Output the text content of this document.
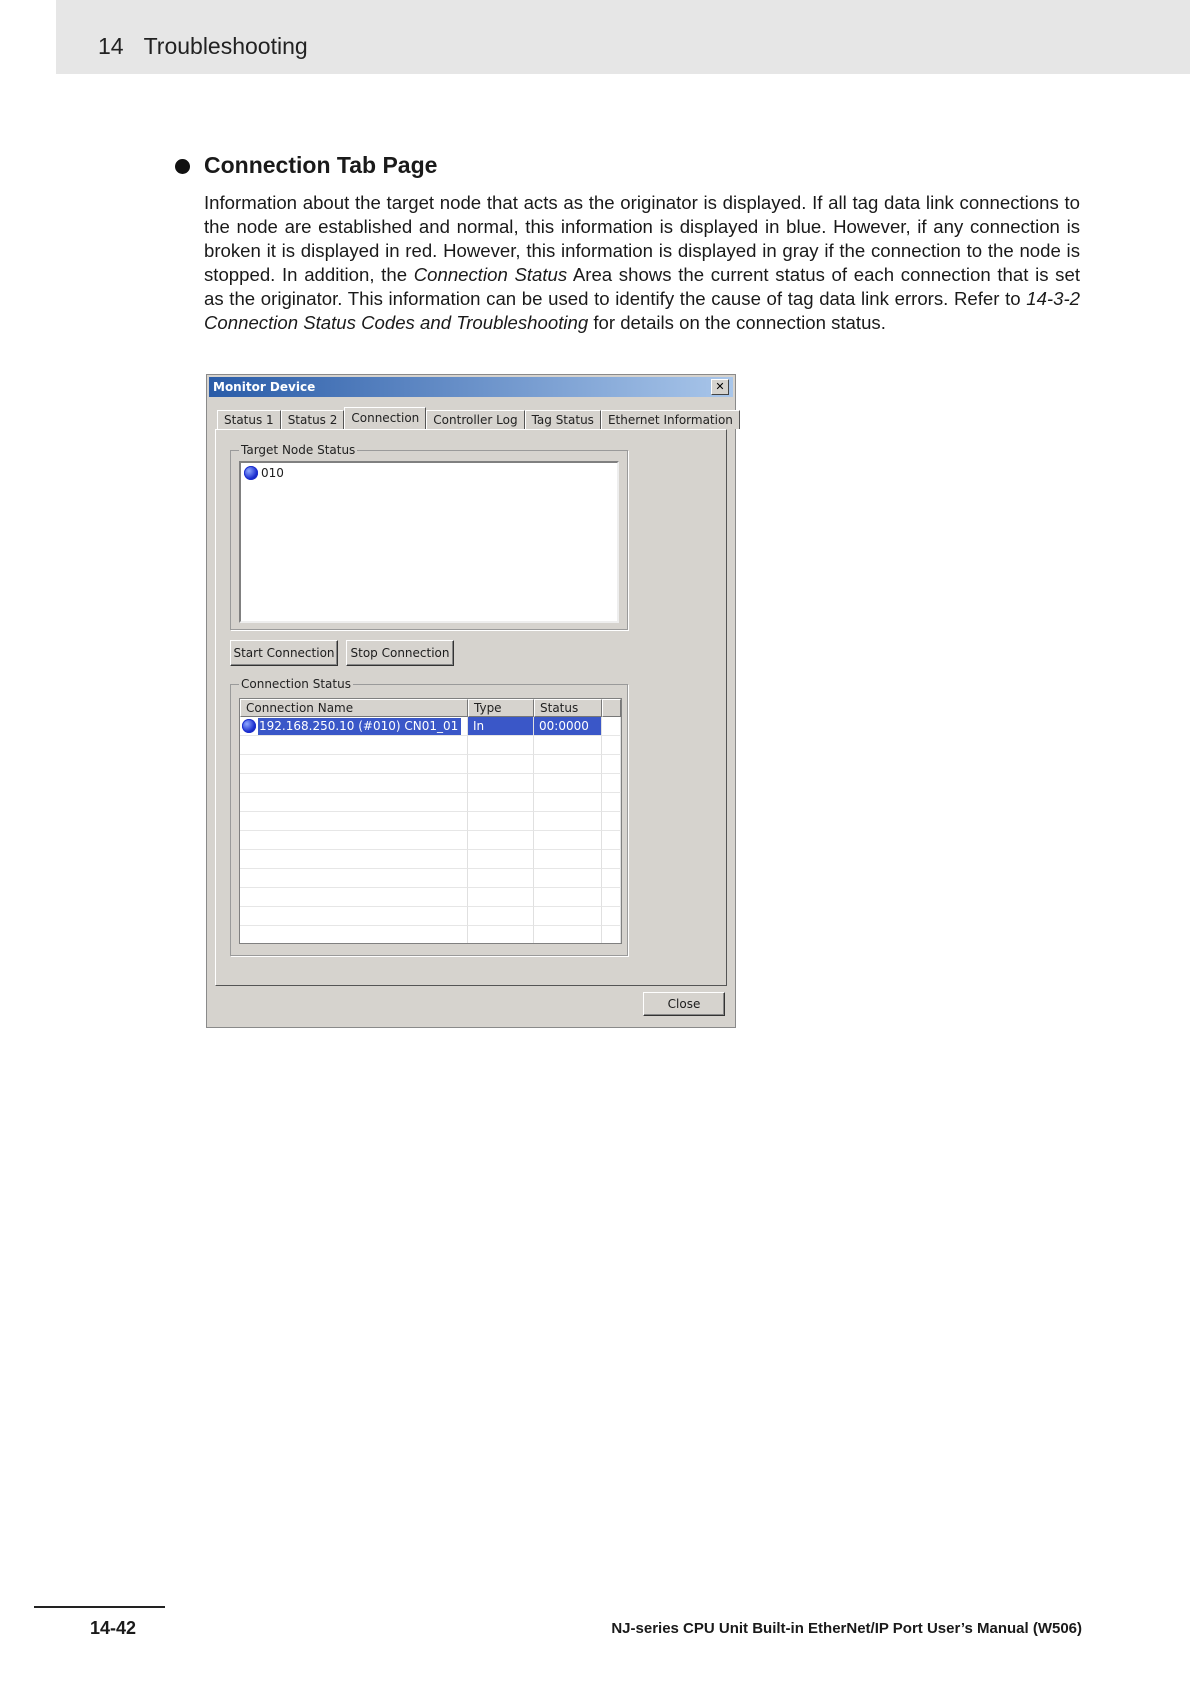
14 Troubleshooting
Connection Tab Page

Information about the target node that acts as the originator is displayed. If all tag data link connections to the node are established and normal, this information is displayed in blue. However, if any connection is broken it is displayed in red. However, this information is displayed in gray if the connection to the node is stopped. In addition, the Connection Status Area shows the current status of each connection that is set as the originator. This information can be used to identify the cause of tag data link errors. Refer to 14-3-2 Connection Status Codes and Troubleshooting for details on the connection status.

Monitor Device	✕
Status 1	Status 2	Connection	Controller Log	Tag Status	Ethernet Information
Target Node Status
010
Start Connection	Stop Connection
Connection Status
Connection Name	Type	Status
192.168.250.10 (#010) CN01_01	In	00:0000
Close
14-42	NJ-series CPU Unit Built-in EtherNet/IP Port User’s Manual (W506)
